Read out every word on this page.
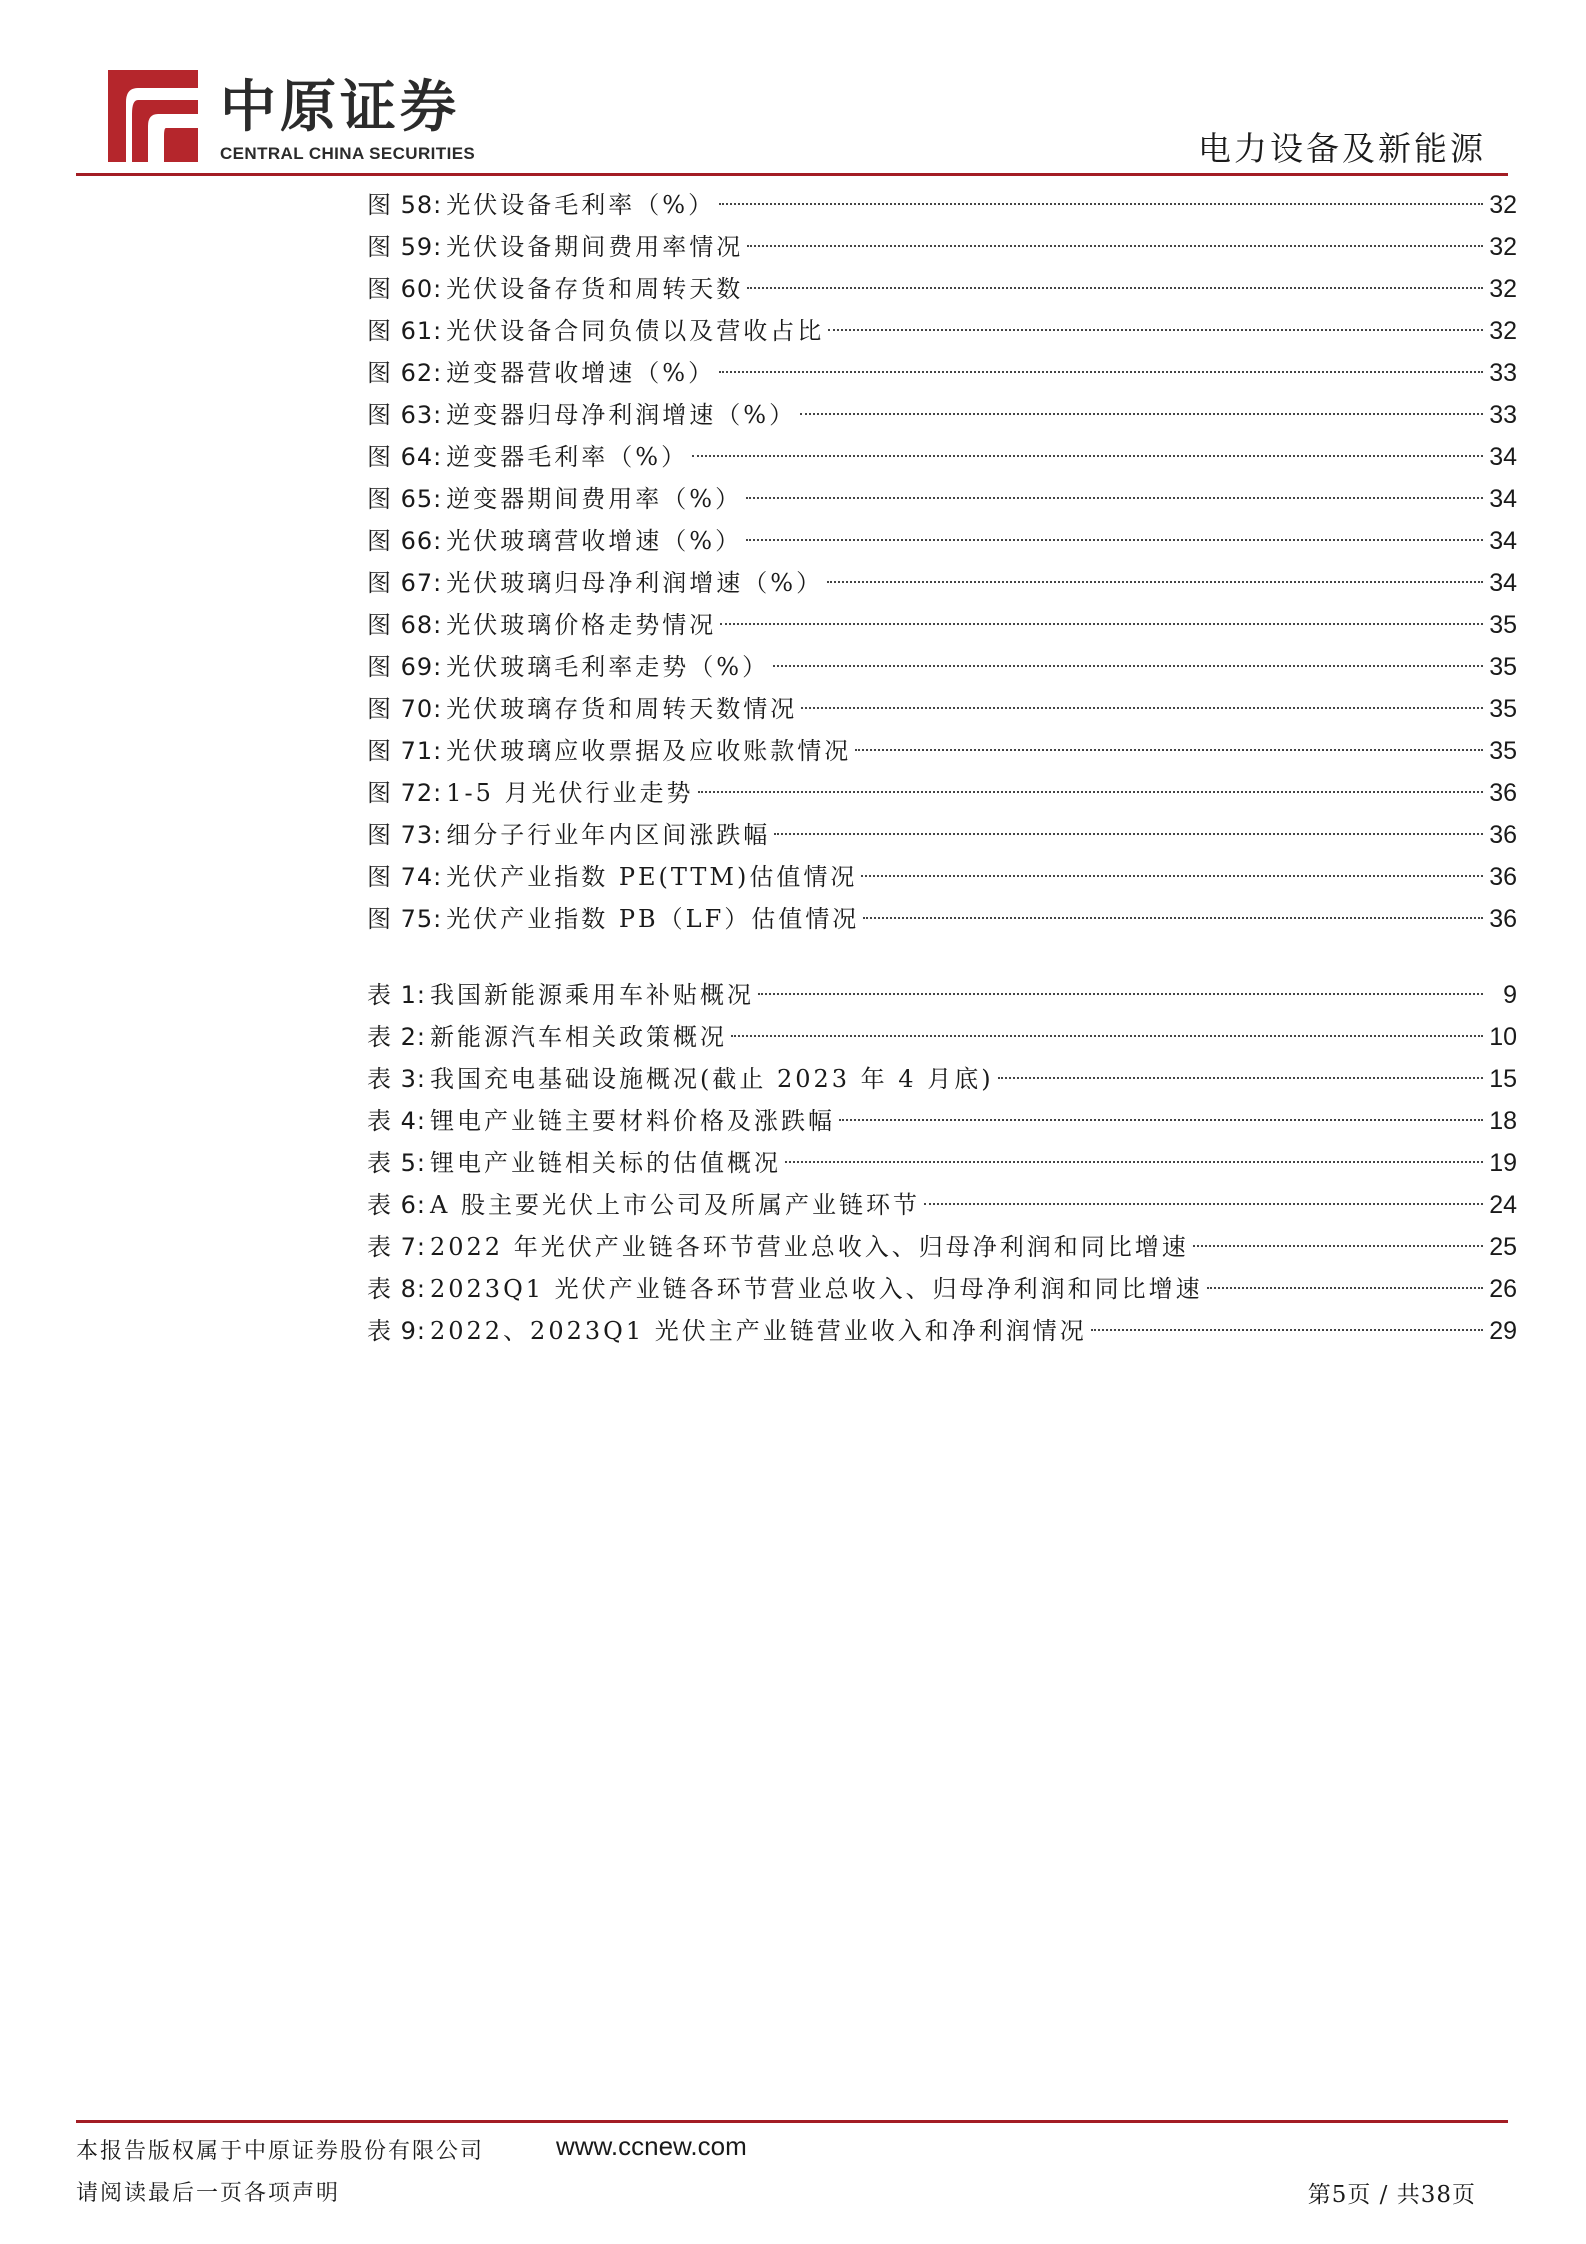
中原证券
CENTRAL CHINA SECURITIES	电力设备及新能源
图 58: 光伏设备毛利率（%）	32
图 59: 光伏设备期间费用率情况	32
图 60: 光伏设备存货和周转天数	32
图 61: 光伏设备合同负债以及营收占比	32
图 62: 逆变器营收增速（%）	33
图 63: 逆变器归母净利润增速（%）	33
图 64: 逆变器毛利率（%）	34
图 65: 逆变器期间费用率（%）	34
图 66: 光伏玻璃营收增速（%）	34
图 67: 光伏玻璃归母净利润增速（%）	34
图 68: 光伏玻璃价格走势情况	35
图 69: 光伏玻璃毛利率走势（%）	35
图 70: 光伏玻璃存货和周转天数情况	35
图 71: 光伏玻璃应收票据及应收账款情况	35
图 72: 1-5 月光伏行业走势	36
图 73: 细分子行业年内区间涨跌幅	36
图 74: 光伏产业指数 PE(TTM)估值情况	36
图 75: 光伏产业指数 PB（LF）估值情况	36
表 1: 我国新能源乘用车补贴概况	9
表 2: 新能源汽车相关政策概况	10
表 3: 我国充电基础设施概况(截止 2023 年 4 月底)	15
表 4: 锂电产业链主要材料价格及涨跌幅	18
表 5: 锂电产业链相关标的估值概况	19
表 6: A 股主要光伏上市公司及所属产业链环节	24
表 7: 2022 年光伏产业链各环节营业总收入、归母净利润和同比增速	25
表 8: 2023Q1 光伏产业链各环节营业总收入、归母净利润和同比增速	26
表 9: 2022、2023Q1 光伏主产业链营业收入和净利润情况	29
本报告版权属于中原证券股份有限公司	www.ccnew.com
请阅读最后一页各项声明	第5页 / 共38页
